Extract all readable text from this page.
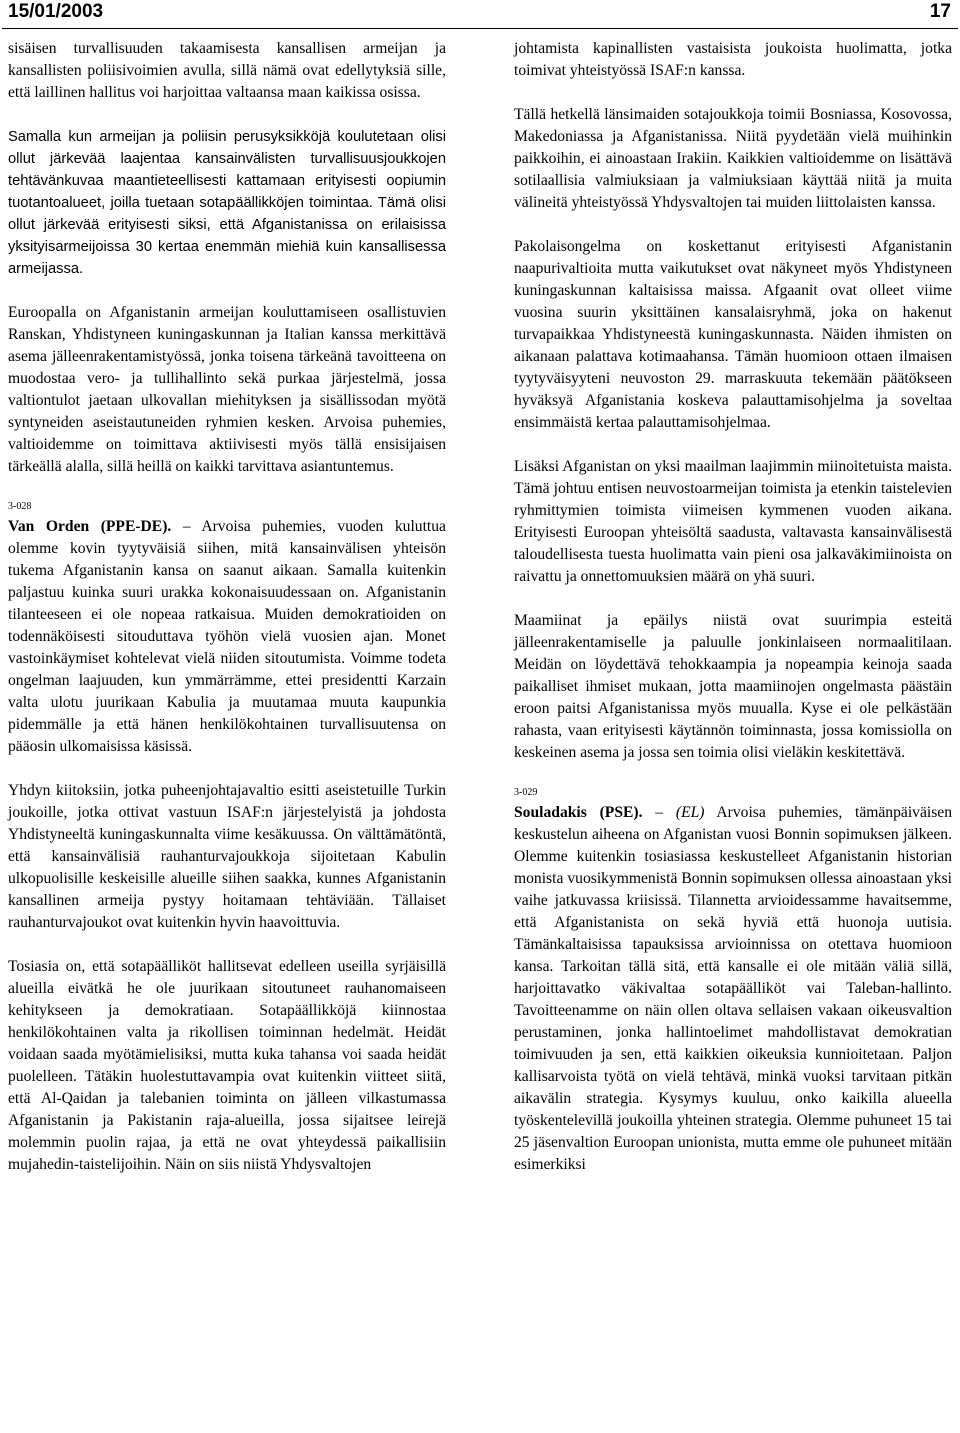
15/01/2003	17

sisäisen turvallisuuden takaamisesta kansallisen armeijan ja kansallisten poliisivoimien avulla, sillä nämä ovat edellytyksiä sille, että laillinen hallitus voi harjoittaa valtaansa maan kaikissa osissa.

Samalla kun armeijan ja poliisin perusyksikköjä koulutetaan olisi ollut järkevää laajentaa kansainvälisten turvallisuusjoukkojen tehtävänkuvaa maantieteellisesti kattamaan erityisesti oopiumin tuotantoalueet, joilla tuetaan sotapäällikköjen toimintaa. Tämä olisi ollut järkevää erityisesti siksi, että Afganistanissa on erilaisissa yksityisarmeijoissa 30 kertaa enemmän miehiä kuin kansallisessa armeijassa.

Euroopalla on Afganistanin armeijan kouluttamiseen osallistuvien Ranskan, Yhdistyneen kuningaskunnan ja Italian kanssa merkittävä asema jälleenrakentamistyössä, jonka toisena tärkeänä tavoitteena on muodostaa vero- ja tullihallinto sekä purkaa järjestelmä, jossa valtiontulot jaetaan ulkovallan miehityksen ja sisällissodan myötä syntyneiden aseistautuneiden ryhmien kesken. Arvoisa puhemies, valtioidemme on toimittava aktiivisesti myös tällä ensisijaisen tärkeällä alalla, sillä heillä on kaikki tarvittava asiantuntemus.

3-028

Van Orden (PPE-DE). – Arvoisa puhemies, vuoden kuluttua olemme kovin tyytyväisiä siihen, mitä kansainvälisen yhteisön tukema Afganistanin kansa on saanut aikaan. Samalla kuitenkin paljastuu kuinka suuri urakka kokonaisuudessaan on. Afganistanin tilanteeseen ei ole nopeaa ratkaisua. Muiden demokratioiden on todennäköisesti sitouduttava työhön vielä vuosien ajan. Monet vastoinkäymiset kohtelevat vielä niiden sitoutumista. Voimme todeta ongelman laajuuden, kun ymmärrämme, ettei presidentti Karzain valta ulotu juurikaan Kabulia ja muutamaa muuta kaupunkia pidemmälle ja että hänen henkilökohtainen turvallisuutensa on pääosin ulkomaisissa käsissä.

Yhdyn kiitoksiin, jotka puheenjohtajavaltio esitti aseistetuille Turkin joukoille, jotka ottivat vastuun ISAF:n järjestelyistä ja johdosta Yhdistyneeltä kuningaskunnalta viime kesäkuussa. On välttämätöntä, että kansainvälisiä rauhanturvajoukkoja sijoitetaan Kabulin ulkopuolisille keskeisille alueille siihen saakka, kunnes Afganistanin kansallinen armeija pystyy hoitamaan tehtäviään. Tällaiset rauhanturvajoukot ovat kuitenkin hyvin haavoittuvia.

Tosiasia on, että sotapäälliköt hallitsevat edelleen useilla syrjäisillä alueilla eivätkä he ole juurikaan sitoutuneet rauhanomaiseen kehitykseen ja demokratiaan. Sotapäällikköjä kiinnostaa henkilökohtainen valta ja rikollisen toiminnan hedelmät. Heidät voidaan saada myötämielisiksi, mutta kuka tahansa voi saada heidät puolelleen. Tätäkin huolestuttavampia ovat kuitenkin viitteet siitä, että Al-Qaidan ja talebanien toiminta on jälleen vilkastumassa Afganistanin ja Pakistanin raja-alueilla, jossa sijaitsee leirejä molemmin puolin rajaa, ja että ne ovat yhteydessä paikallisiin mujahedin-taistelijoihin. Näin on siis niistä Yhdysvaltojen

johtamista kapinallisten vastaisista joukoista huolimatta, jotka toimivat yhteistyössä ISAF:n kanssa.

Tällä hetkellä länsimaiden sotajoukkoja toimii Bosniassa, Kosovossa, Makedoniassa ja Afganistanissa. Niitä pyydetään vielä muihinkin paikkoihin, ei ainoastaan Irakiin. Kaikkien valtioidemme on lisättävä sotilaallisia valmiuksiaan ja valmiuksiaan käyttää niitä ja muita välineitä yhteistyössä Yhdysvaltojen tai muiden liittolaisten kanssa.

Pakolaisongelma on koskettanut erityisesti Afganistanin naapurivaltioita mutta vaikutukset ovat näkyneet myös Yhdistyneen kuningaskunnan kaltaisissa maissa. Afgaanit ovat olleet viime vuosina suurin yksittäinen kansalaisryhmä, joka on hakenut turvapaikkaa Yhdistyneestä kuningaskunnasta. Näiden ihmisten on aikanaan palattava kotimaahansa. Tämän huomioon ottaen ilmaisen tyytyväisyyteni neuvoston 29. marraskuuta tekemään päätökseen hyväksyä Afganistania koskeva palauttamisohjelma ja soveltaa ensimmäistä kertaa palauttamisohjelmaa.

Lisäksi Afganistan on yksi maailman laajimmin miinoitetuista maista. Tämä johtuu entisen neuvostoarmeijan toimista ja etenkin taistelevien ryhmittymien toimista viimeisen kymmenen vuoden aikana. Erityisesti Euroopan yhteisöltä saadusta, valtavasta kansainvälisestä taloudellisesta tuesta huolimatta vain pieni osa jalkaväkimiinoista on raivattu ja onnettomuuksien määrä on yhä suuri.

Maamiinat ja epäilys niistä ovat suurimpia esteitä jälleenrakentamiselle ja paluulle jonkinlaiseen normaalitilaan. Meidän on löydettävä tehokkaampia ja nopeampia keinoja saada paikalliset ihmiset mukaan, jotta maamiinojen ongelmasta päästäin eroon paitsi Afganistanissa myös muualla. Kyse ei ole pelkästään rahasta, vaan erityisesti käytännön toiminnasta, jossa komissiolla on keskeinen asema ja jossa sen toimia olisi vieläkin keskitettävä.

3-029

Souladakis (PSE). – (EL) Arvoisa puhemies, tämänpäiväisen keskustelun aiheena on Afganistan vuosi Bonnin sopimuksen jälkeen. Olemme kuitenkin tosiasiassa keskustelleet Afganistanin historian monista vuosikymmenistä Bonnin sopimuksen ollessa ainoastaan yksi vaihe jatkuvassa kriisissä. Tilannetta arvioidessamme havaitsemme, että Afganistanista on sekä hyviä että huonoja uutisia. Tämänkaltaisissa tapauksissa arvioinnissa on otettava huomioon kansa. Tarkoitan tällä sitä, että kansalle ei ole mitään väliä sillä, harjoittavatko väkivaltaa sotapäälliköt vai Taleban-hallinto. Tavoitteenamme on näin ollen oltava sellaisen vakaan oikeusvaltion perustaminen, jonka hallintoelimet mahdollistavat demokratian toimivuuden ja sen, että kaikkien oikeuksia kunnioitetaan. Paljon kallisarvoista työtä on vielä tehtävä, minkä vuoksi tarvitaan pitkän aikavälin strategia. Kysymys kuuluu, onko kaikilla alueella työskentelevillä joukoilla yhteinen strategia. Olemme puhuneet 15 tai 25 jäsenvaltion Euroopan unionista, mutta emme ole puhuneet mitään esimerkiksi
